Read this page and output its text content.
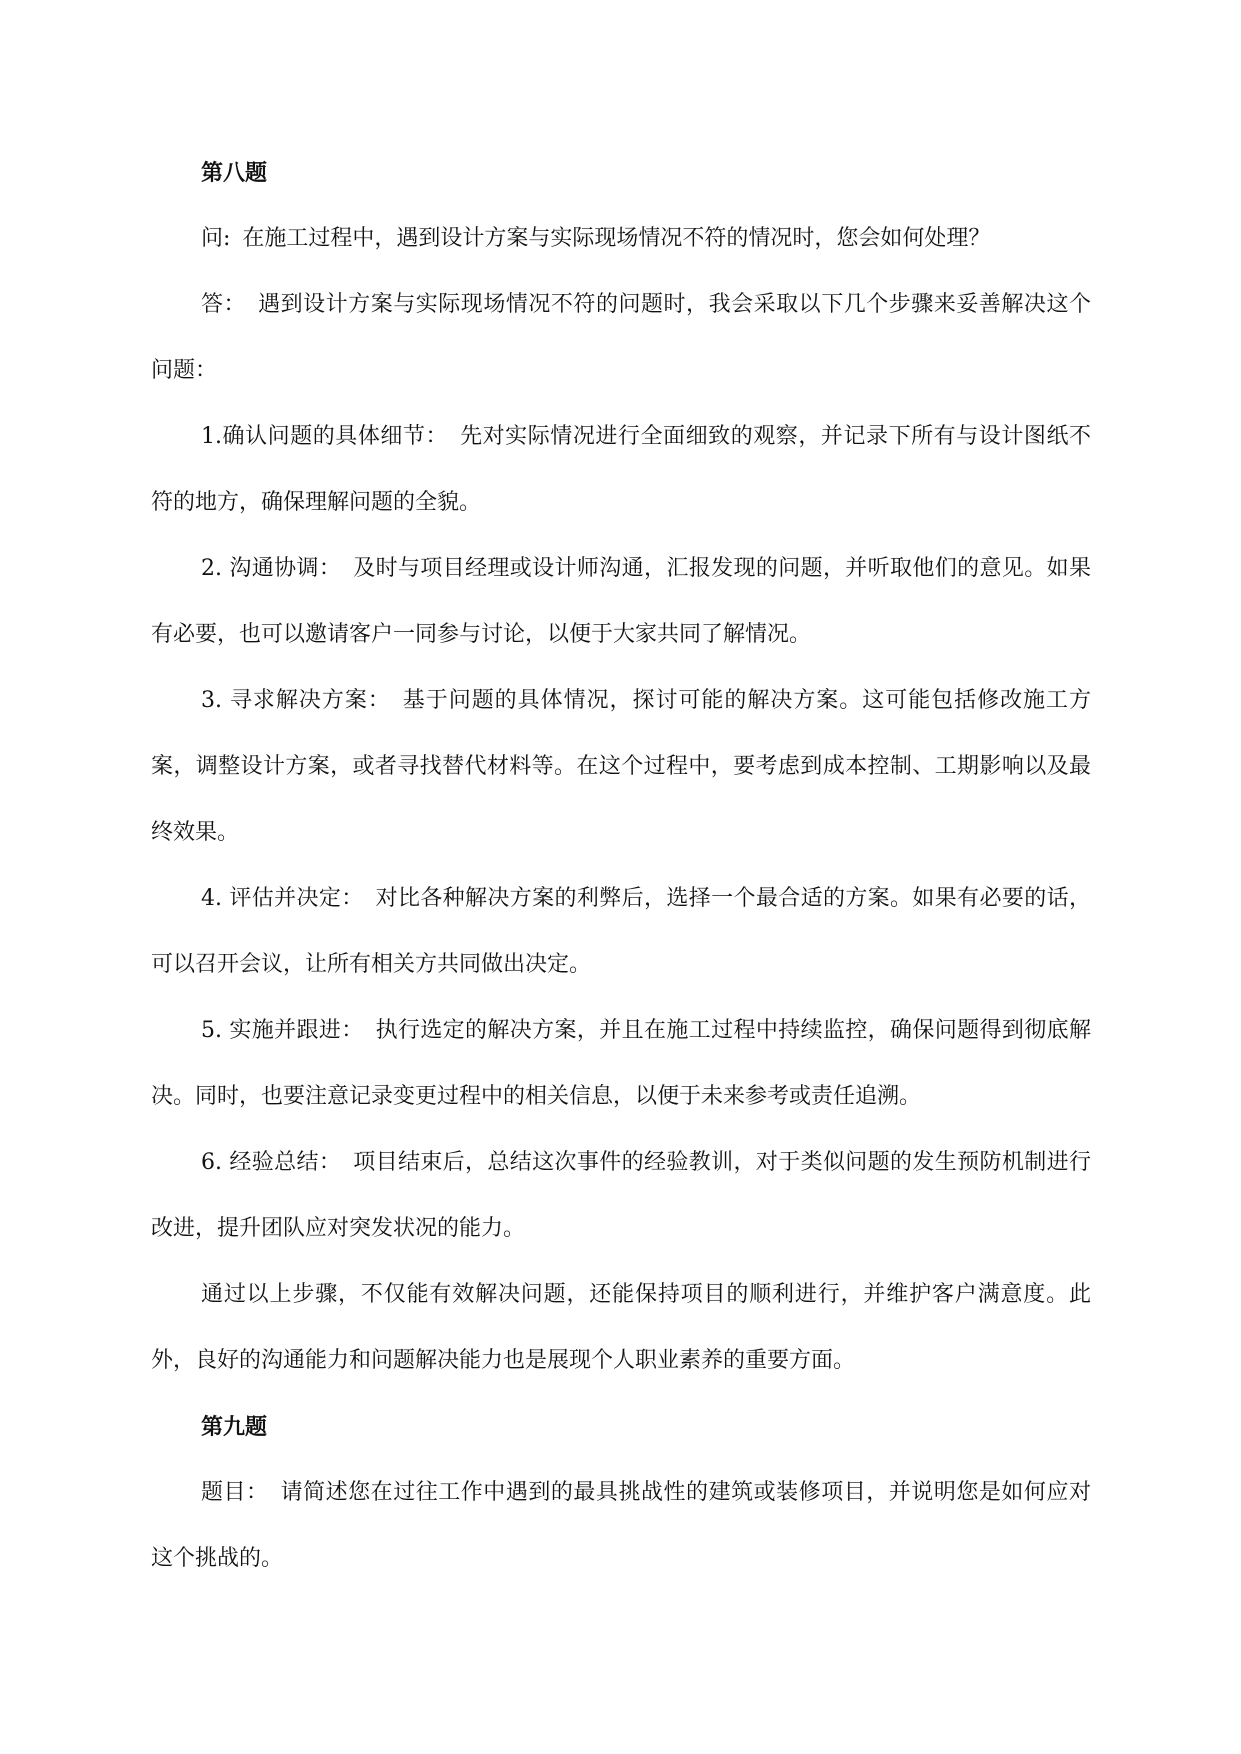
第八题

问: 在施工过程中，遇到设计方案与实际现场情况不符的情况时，您会如何处理？

答： 遇到设计方案与实际现场情况不符的问题时，我会采取以下几个步骤来妥善解决这个问题：

1.确认问题的具体细节： 先对实际情况进行全面细致的观察，并记录下所有与设计图纸不符的地方，确保理解问题的全貌。

2. 沟通协调： 及时与项目经理或设计师沟通，汇报发现的问题，并听取他们的意见。如果有必要，也可以邀请客户一同参与讨论，以便于大家共同了解情况。

3. 寻求解决方案： 基于问题的具体情况，探讨可能的解决方案。这可能包括修改施工方案，调整设计方案，或者寻找替代材料等。在这个过程中，要考虑到成本控制、工期影响以及最终效果。

4. 评估并决定： 对比各种解决方案的利弊后，选择一个最合适的方案。如果有必要的话，可以召开会议，让所有相关方共同做出决定。

5. 实施并跟进： 执行选定的解决方案，并且在施工过程中持续监控，确保问题得到彻底解决。同时，也要注意记录变更过程中的相关信息，以便于未来参考或责任追溯。

6. 经验总结： 项目结束后，总结这次事件的经验教训，对于类似问题的发生预防机制进行改进，提升团队应对突发状况的能力。

通过以上步骤，不仅能有效解决问题，还能保持项目的顺利进行，并维护客户满意度。此外，良好的沟通能力和问题解决能力也是展现个人职业素养的重要方面。

第九题

题目： 请简述您在过往工作中遇到的最具挑战性的建筑或装修项目，并说明您是如何应对这个挑战的。
